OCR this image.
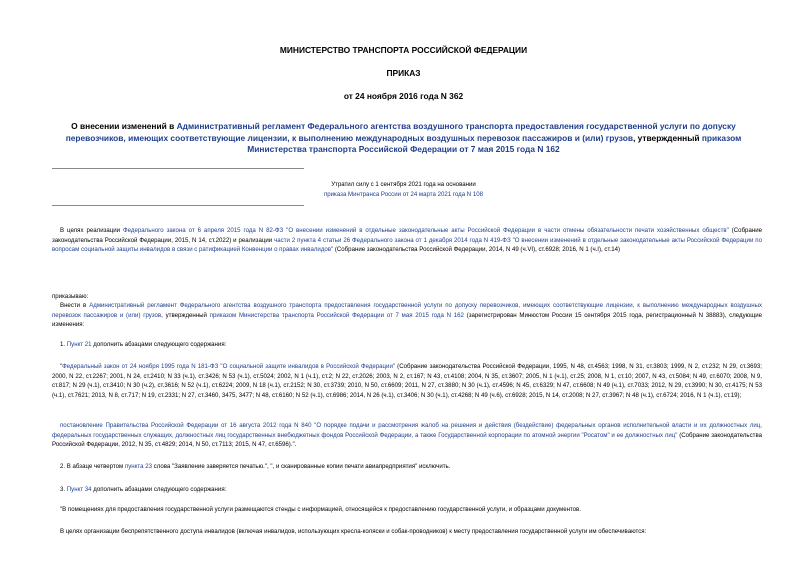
МИНИСТЕРСТВО ТРАНСПОРТА РОССИЙСКОЙ ФЕДЕРАЦИИ
ПРИКАЗ
от 24 ноября 2016 года N 362
О внесении изменений в Административный регламент Федерального агентства воздушного транспорта предоставления государственной услуги по допуску перевозчиков, имеющих соответствующие лицензии, к выполнению международных воздушных перевозок пассажиров и (или) грузов, утвержденный приказом Министерства транспорта Российской Федерации от 7 мая 2015 года N 162
Утратил силу с 1 сентября 2021 года на основании
приказа Минтранса России от 24 марта 2021 года N 108
В целях реализации Федерального закона от 6 апреля 2015 года N 82-ФЗ "О внесении изменений в отдельные законодательные акты Российской Федерации в части отмены обязательности печати хозяйственных обществ" (Собрание законодательства Российской Федерации, 2015, N 14, ст.2022) и реализации части 2 пункта 4 статьи 26 Федерального закона от 1 декабря 2014 года N 419-ФЗ "О внесении изменений в отдельные законодательные акты Российской Федерации по вопросам социальной защиты инвалидов в связи с ратификацией Конвенции о правах инвалидов" (Собрание законодательства Российской Федерации, 2014, N 49 (ч.VI), ст.6928; 2016, N 1 (ч.I), ст.14)
приказываю:
Внести в Административный регламент Федерального агентства воздушного транспорта предоставления государственной услуги по допуску перевозчиков, имеющих соответствующие лицензии, к выполнению международных воздушных перевозок пассажиров и (или) грузов, утвержденный приказом Министерства транспорта Российской Федерации от 7 мая 2015 года N 162 (зарегистрирован Минюстом России 15 сентября 2015 года, регистрационный N 38883), следующие изменения:
1. Пункт 21 дополнить абзацами следующего содержания:
"Федеральный закон от 24 ноября 1995 года N 181-ФЗ "О социальной защите инвалидов в Российской Федерации" (Собрание законодательства Российской Федерации, 1995, N 48, ст.4563; 1998, N 31, ст.3803; 1999, N 2, ст.232; N 29, ст.3693; 2000, N 22, ст.2267; 2001, N 24, ст.2410; N 33 (ч.1), ст.3426; N 53 (ч.1), ст.5024; 2002, N 1 (ч.1), ст.2; N 22, ст.2026; 2003, N 2, ст.167; N 43, ст.4108; 2004, N 35, ст.3607; 2005, N 1 (ч.1), ст.25; 2008, N 1, ст.10; 2007, N 43, ст.5084; N 49, ст.6070; 2008, N 9, ст.817; N 29 (ч.1), ст.3410; N 30 (ч.2), ст.3616; N 52 (ч.1), ст.6224; 2009, N 18 (ч.1), ст.2152; N 30, ст.3739; 2010, N 50, ст.6609; 2011, N 27, ст.3880; N 30 (ч.1), ст.4596; N 45, ст.6329; N 47, ст.6608; N 49 (ч.1), ст.7033; 2012, N 29, ст.3990; N 30, ст.4175; N 53 (ч.1), ст.7621; 2013, N 8, ст.717; N 19, ст.2331; N 27, ст.3460, 3475, 3477; N 48, ст.6160; N 52 (ч.1), ст.6986; 2014, N 26 (ч.1), ст.3406; N 30 (ч.1), ст.4268; N 49 (ч.6), ст.6928; 2015, N 14, ст.2008; N 27, ст.3967; N 48 (ч.1), ст.6724; 2016, N 1 (ч.1), ст.19);
постановление Правительства Российской Федерации от 16 августа 2012 года N 840 "О порядке подачи и рассмотрения жалоб на решения и действия (бездействие) федеральных органов исполнительной власти и их должностных лиц, федеральных государственных служащих, должностных лиц государственных внебюджетных фондов Российской Федерации, а также Государственной корпорации по атомной энергии "Росатом" и ее должностных лиц" (Собрание законодательства Российской Федерации, 2012, N 35, ст.4829; 2014, N 50, ст.7113; 2015, N 47, ст.6596).".
2. В абзаце четвертом пункта 23 слова "Заявление заверяется печатью.", ", и сканированные копии печати авиапредприятия" исключить.
3. Пункт 34 дополнить абзацами следующего содержания:
"В помещениях для предоставления государственной услуги размещаются стенды с информацией, относящейся к предоставлению государственной услуги, и образцами документов.
В целях организации беспрепятственного доступа инвалидов (включая инвалидов, использующих кресла-коляски и собак-проводников) к месту предоставления государственной услуги им обеспечиваются:
